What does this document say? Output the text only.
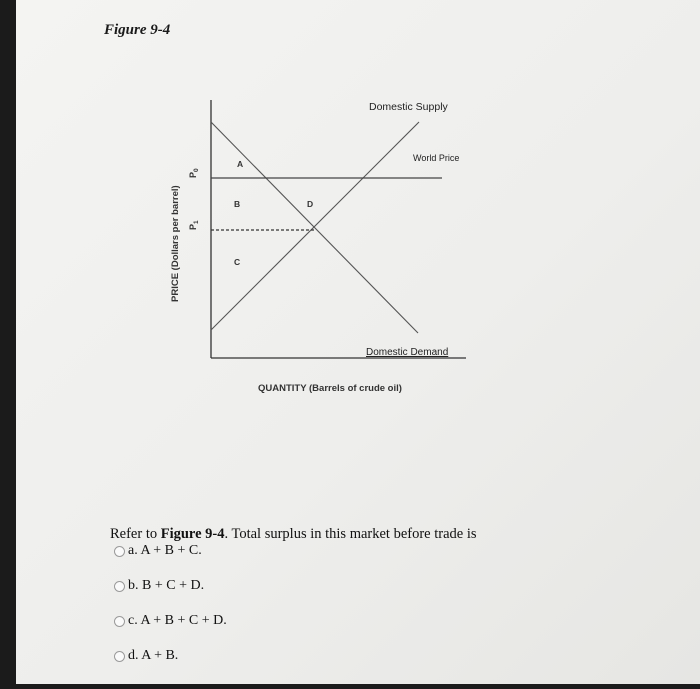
Figure 9-4
PRICE (Dollars per barrel)
$P_0$
$P_1$
Domestic Supply
World Price
Domestic Demand
QUANTITY (Barrels of crude oil)
A
B
C
D
Refer to Figure 9-4. Total surplus in this market before trade is
a. A + B + C.
b. B + C + D.
c. A + B + C + D.
d. A + B.
